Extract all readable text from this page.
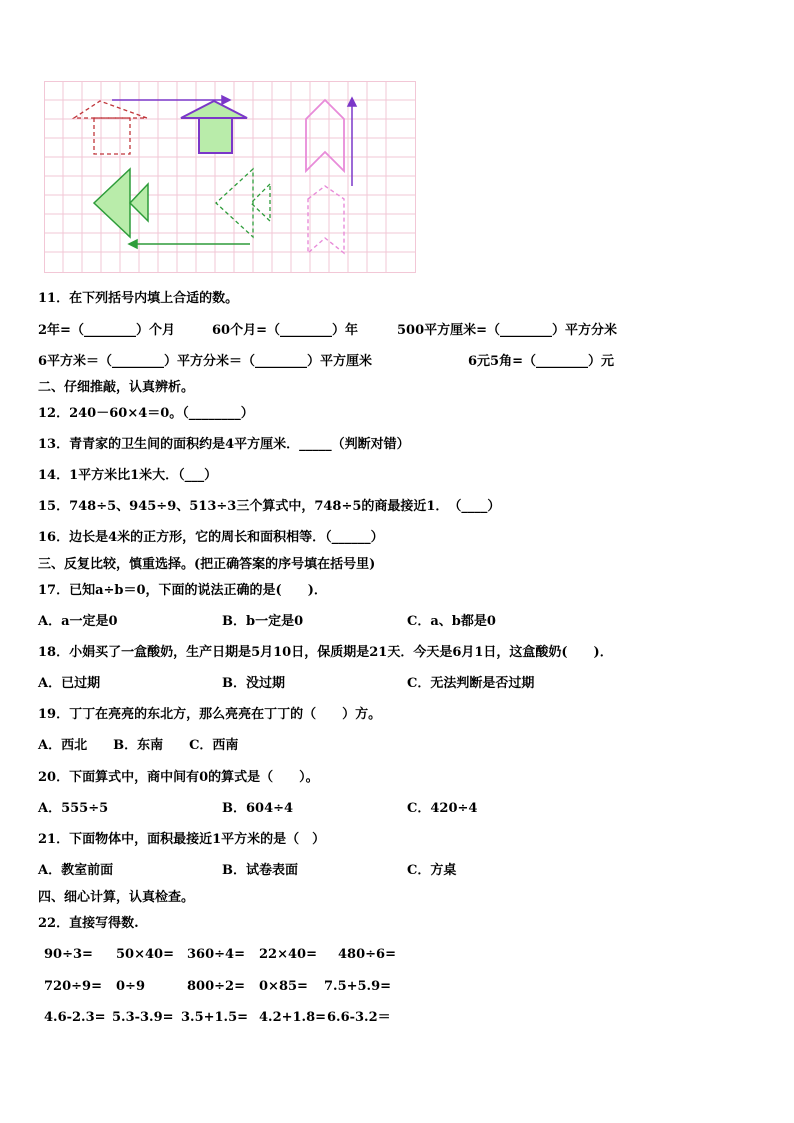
11．在下列括号内填上合适的数。
2年=（________）个月	60个月=（________）年	500平方厘米=（________）平方分米
6平方米＝（________）平方分米＝（________）平方厘米	6元5角=（________）元
二、仔细推敲，认真辨析。
12．240－60×4＝0。（________）
13．青青家的卫生间的面积约是4平方厘米．_____（判断对错）
14．1平方米比1米大．（___）
15．748÷5、945÷9、513÷3三个算式中，748÷5的商最接近1．　（____）
16．边长是4米的正方形，它的周长和面积相等．（______）
三、反复比较，慎重选择。(把正确答案的序号填在括号里)
17．已知a÷b＝0，下面的说法正确的是(　　)．
A．a一定是0	B．b一定是0	C．a、b都是0
18．小娟买了一盒酸奶，生产日期是5月10日，保质期是21天．今天是6月1日，这盒酸奶(　　)．
A．已过期	B．没过期	C．无法判断是否过期
19．丁丁在亮亮的东北方，那么亮亮在丁丁的（　　）方。
A．西北　　B．东南　　C．西南
20．下面算式中，商中间有0的算式是（　　）。
A．555÷5	B．604÷4	C．420÷4
21．下面物体中，面积最接近1平方米的是（　）
A．教室前面	B．试卷表面	C．方桌
四、细心计算，认真检查。
22．直接写得数.
90÷3= 50×40= 360÷4= 22×40= 480÷6=
720÷9= 0÷9	800÷2= 0×85= 7.5+5.9=
4.6-2.3= 5.3-3.9= 3.5+1.5= 4.2+1.8= 6.6-3.2＝
